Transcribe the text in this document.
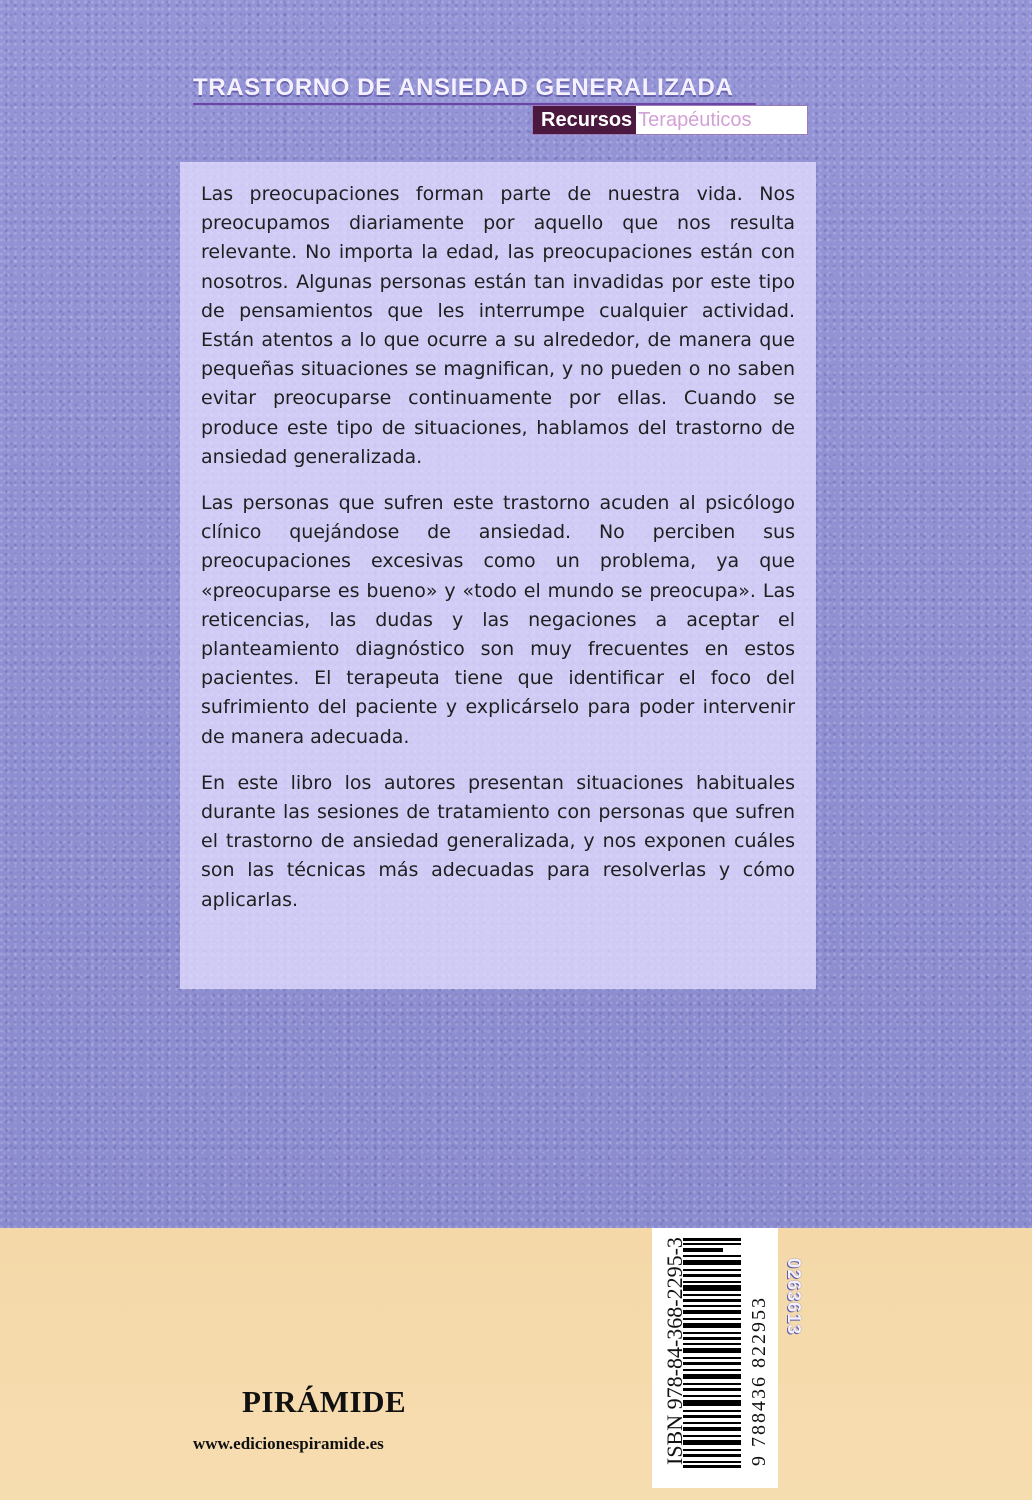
TRASTORNO DE ANSIEDAD GENERALIZADA
Recursos Terapéuticos

Las preocupaciones forman parte de nuestra vida. Nos preocupamos diariamente por aquello que nos resulta relevante. No importa la edad, las preocupaciones están con nosotros. Algunas personas están tan invadidas por este tipo de pensamientos que les interrumpe cualquier actividad. Están atentos a lo que ocurre a su alrededor, de manera que pequeñas situaciones se magnifican, y no pueden o no saben evitar preocuparse continuamente por ellas. Cuando se produce este tipo de situaciones, hablamos del trastorno de ansiedad generalizada.

Las personas que sufren este trastorno acuden al psicólogo clínico quejándose de ansiedad. No perciben sus preocupaciones excesivas como un problema, ya que «preocuparse es bueno» y «todo el mundo se preocupa». Las reticencias, las dudas y las negaciones a aceptar el planteamiento diagnóstico son muy frecuentes en estos pacientes. El terapeuta tiene que identificar el foco del sufrimiento del paciente y explicárselo para poder intervenir de manera adecuada.

En este libro los autores presentan situaciones habituales durante las sesiones de tratamiento con personas que sufren el trastorno de ansiedad generalizada, y nos exponen cuáles son las técnicas más adecuadas para resolverlas y cómo aplicarlas.

ISBN 978-84-368-2295-3	9 788436 822953 0263613
PIRÁMIDE
www.edicionespiramide.es
